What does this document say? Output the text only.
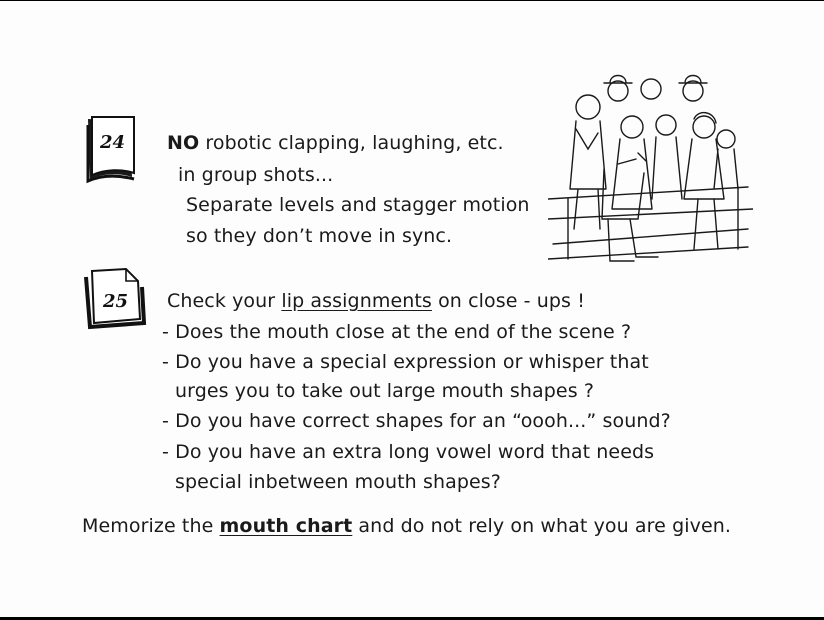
24 NO robotic clapping, laughing, etc.
in group shots...
Separate levels and stagger motion
so they don’t move in sync.
25 Check your lip assignments on close - ups !
- Does the mouth close at the end of the scene ?
- Do you have a special expression or whisper that
urges you to take out large mouth shapes ?
- Do you have correct shapes for an “oooh...” sound?
- Do you have an extra long vowel word that needs
special inbetween mouth shapes?
Memorize the mouth chart and do not rely on what you are given.
